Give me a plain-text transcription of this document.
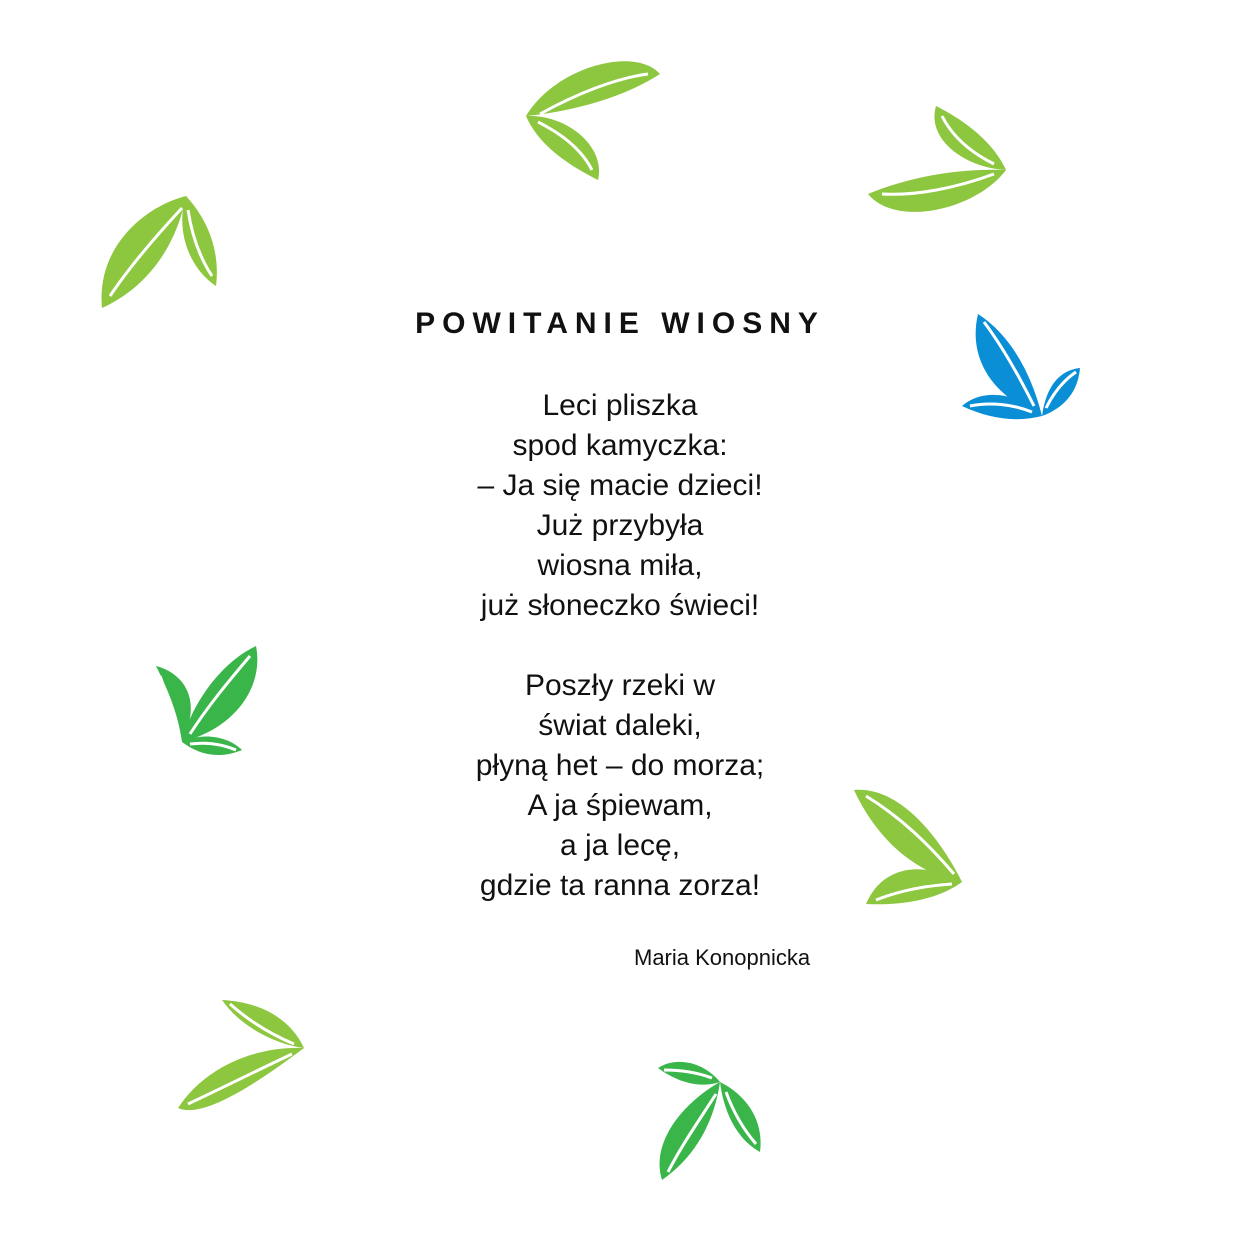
POWITANIE WIOSNY
Leci pliszka
spod kamyczka:
– Ja się macie dzieci!
Już przybyła
wiosna miła,
już słoneczko świeci!
Poszły rzeki w
świat daleki,
płyną het – do morza;
A ja śpiewam,
a ja lecę,
gdzie ta ranna zorza!
Maria Konopnicka
